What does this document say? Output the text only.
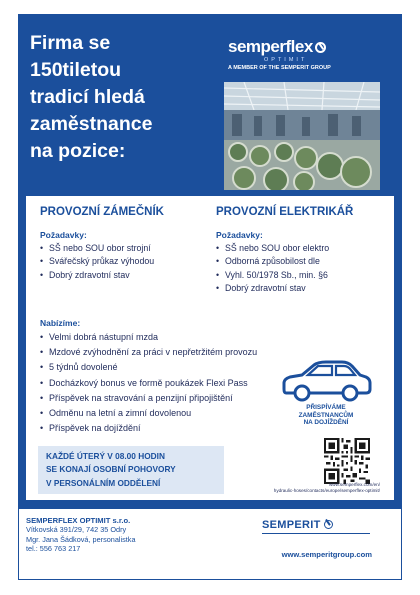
Firma se
150tiletou
tradicí hledá
zaměstnance
na pozice:
semperflex
OPTIMIT
A MEMBER OF THE SEMPERIT GROUP
PROVOZNÍ ZÁMEČNÍK
Požadavky:
• SŠ nebo SOU obor strojní
• Svářečský průkaz výhodou
• Dobrý zdravotní stav
PROVOZNÍ ELEKTRIKÁŘ
Požadavky:
• SŠ nebo SOU obor elektro
• Odborná způsobilost dle
• Vyhl. 50/1978 Sb., min. §6
• Dobrý zdravotní stav
Nabízíme:
• Velmi dobrá nástupní mzda
• Mzdové zvýhodnění za práci v nepřetržitém provozu
• 5 týdnů dovolené
• Docházkový bonus ve formě poukázek Flexi Pass
• Příspěvek na stravování a penzijní připojištění
• Odměnu na letní a zimní dovolenou
• Příspěvek na dojíždění
PŘISPÍVÁME
ZAMĚSTNANCŮM
NA DOJÍŽDĚNÍ
www.semperflex.com/en/
hydraulic-hoses/contacts/europe/semperflex-optimit/
KAŽDÉ ÚTERÝ V 08.00 HODIN
SE KONAJÍ OSOBNÍ POHOVORY
V PERSONÁLNÍM ODDĚLENÍ
SEMPERFLEX OPTIMIT s.r.o.
Vítkovská 391/29, 742 35 Odry
Mgr. Jana Šádková, personalistka
tel.: 556 763 217
SEMPERIT
www.semperitgroup.com
